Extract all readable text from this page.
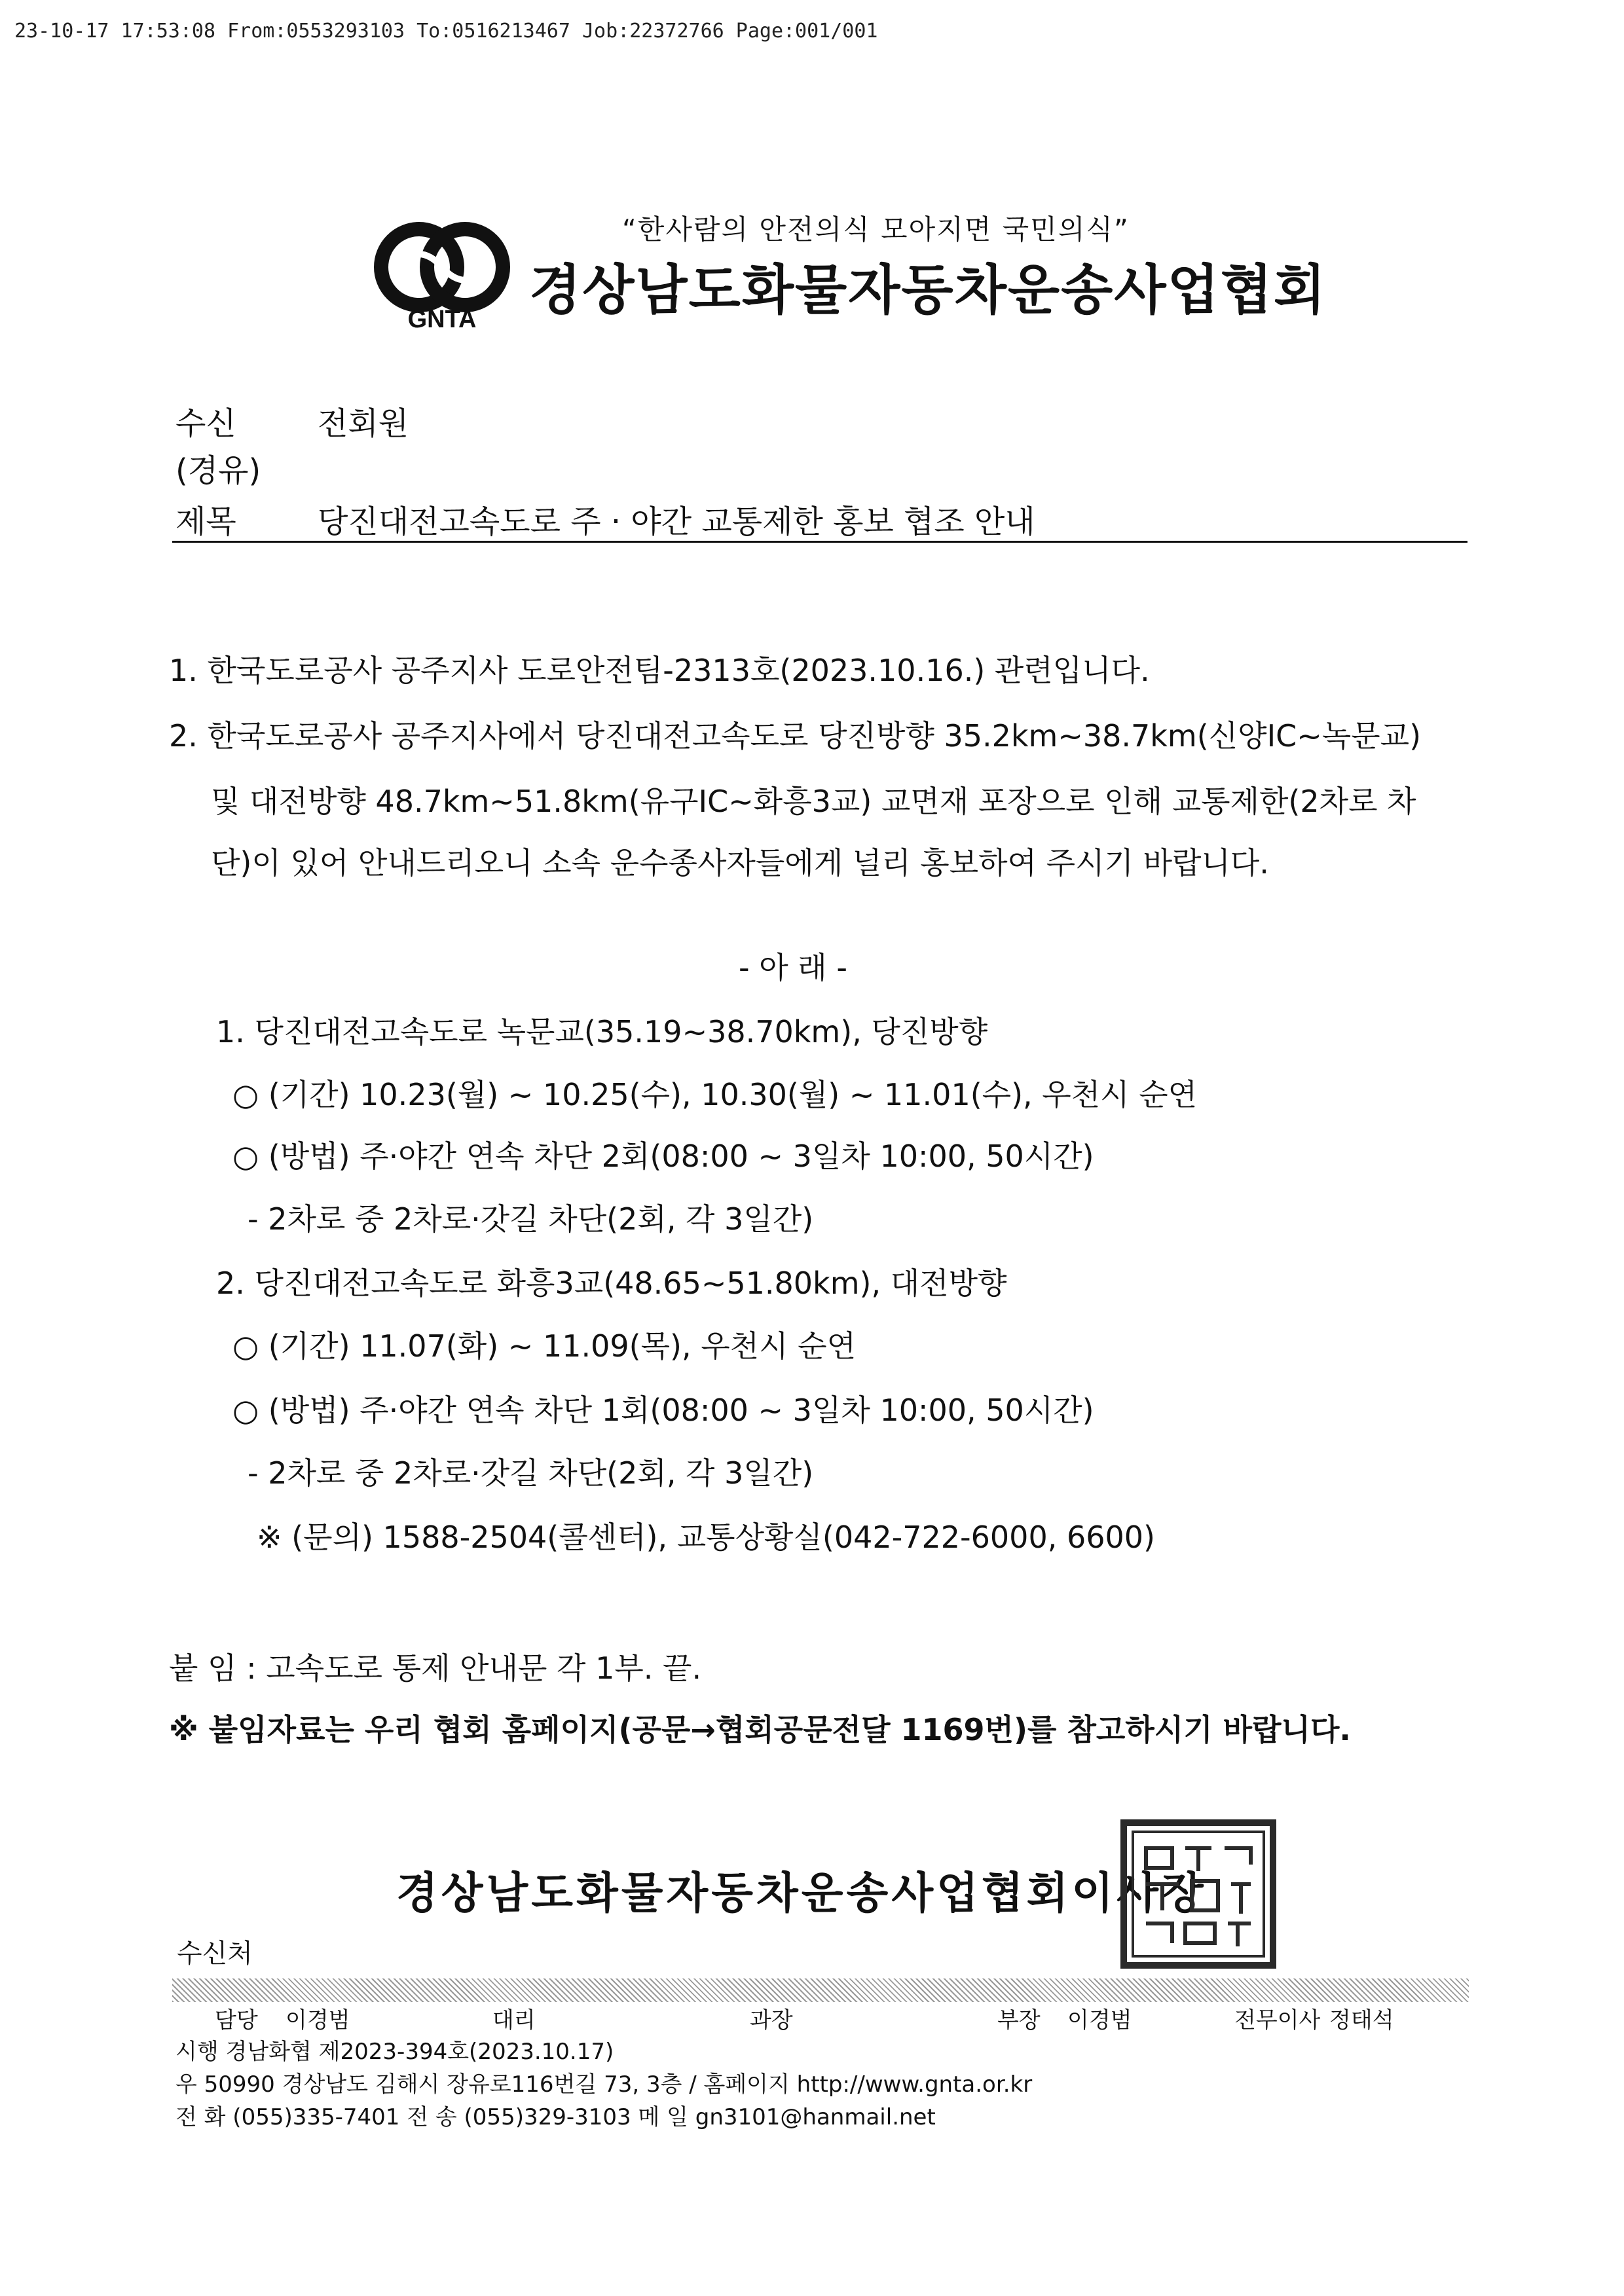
23-10-17 17:53:08 From:0553293103 To:0516213467 Job:22372766 Page:001/001
GNTA
“한사람의 안전의식 모아지면 국민의식”
경상남도화물자동차운송사업협회
수신	전회원
(경유)
제목	당진대전고속도로 주 · 야간 교통제한 홍보 협조 안내
1. 한국도로공사 공주지사 도로안전팀-2313호(2023.10.16.) 관련입니다.
2. 한국도로공사 공주지사에서 당진대전고속도로 당진방향 35.2km~38.7km(신양IC~녹문교)
및 대전방향 48.7km~51.8km(유구IC~화흥3교) 교면재 포장으로 인해 교통제한(2차로 차
단)이 있어 안내드리오니 소속 운수종사자들에게 널리 홍보하여 주시기 바랍니다.
- 아 래 -
1. 당진대전고속도로 녹문교(35.19~38.70km), 당진방향
○ (기간) 10.23(월) ~ 10.25(수), 10.30(월) ~ 11.01(수), 우천시 순연
○ (방법) 주·야간 연속 차단 2회(08:00 ~ 3일차 10:00, 50시간)
- 2차로 중 2차로·갓길 차단(2회, 각 3일간)
2. 당진대전고속도로 화흥3교(48.65~51.80km), 대전방향
○ (기간) 11.07(화) ~ 11.09(목), 우천시 순연
○ (방법) 주·야간 연속 차단 1회(08:00 ~ 3일차 10:00, 50시간)
- 2차로 중 2차로·갓길 차단(2회, 각 3일간)
※ (문의) 1588-2504(콜센터), 교통상황실(042-722-6000, 6600)
붙 임 : 고속도로 통제 안내문 각 1부. 끝.
※ 붙임자료는 우리 협회 홈페이지(공문→협회공문전달 1169번)를 참고하시기 바랍니다.
경상남도화물자동차운송사업협회이사장
수신처
담당 이경범	대리	과장	부장 이경범	전무이사 정태석
시행 경남화협 제2023-394호(2023.10.17)
우 50990 경상남도 김해시 장유로116번길 73, 3층 / 홈페이지 http://www.gnta.or.kr
전 화 (055)335-7401 전 송 (055)329-3103 메 일 gn3101@hanmail.net
